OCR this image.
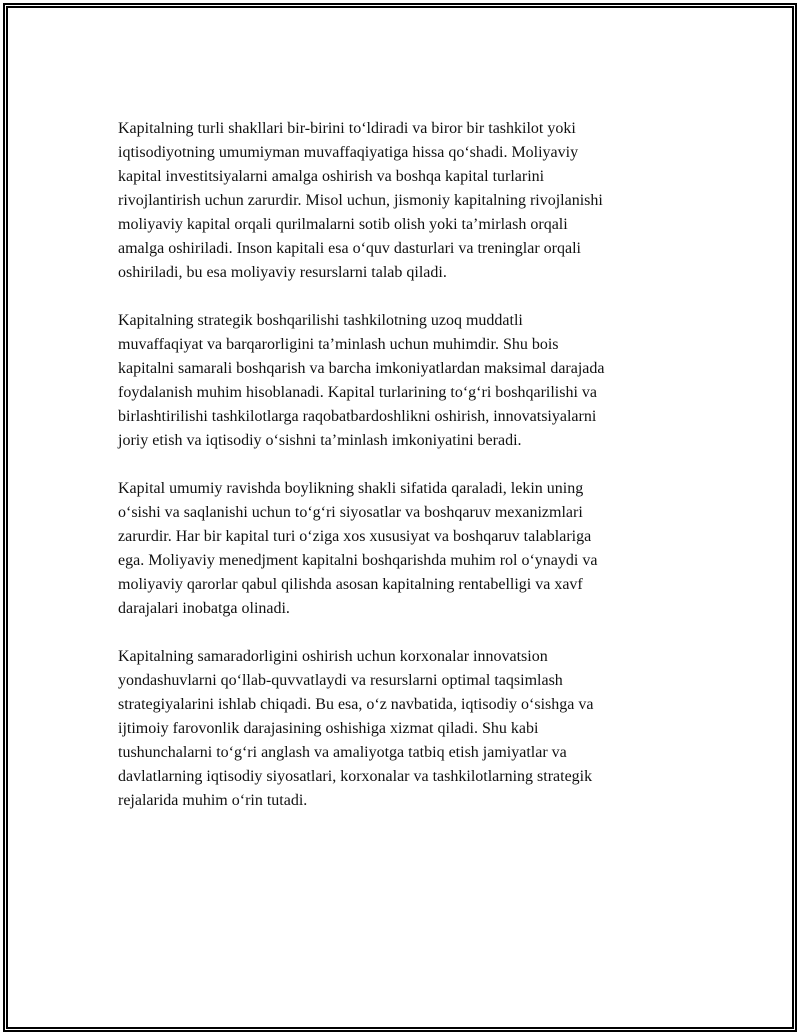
Kapitalning turli shakllari bir-birini to‘ldiradi va biror bir tashkilot yoki
iqtisodiyotning umumiyman muvaffaqiyatiga hissa qo‘shadi. Moliyaviy
kapital investitsiyalarni amalga oshirish va boshqa kapital turlarini
rivojlantirish uchun zarurdir. Misol uchun, jismoniy kapitalning rivojlanishi
moliyaviy kapital orqali qurilmalarni sotib olish yoki ta’mirlash orqali
amalga oshiriladi. Inson kapitali esa o‘quv dasturlari va treninglar orqali
oshiriladi, bu esa moliyaviy resurslarni talab qiladi.

Kapitalning strategik boshqarilishi tashkilotning uzoq muddatli
muvaffaqiyat va barqarorligini ta’minlash uchun muhimdir. Shu bois
kapitalni samarali boshqarish va barcha imkoniyatlardan maksimal darajada
foydalanish muhim hisoblanadi. Kapital turlarining to‘g‘ri boshqarilishi va
birlashtirilishi tashkilotlarga raqobatbardoshlikni oshirish, innovatsiyalarni
joriy etish va iqtisodiy o‘sishni ta’minlash imkoniyatini beradi.

Kapital umumiy ravishda boylikning shakli sifatida qaraladi, lekin uning
o‘sishi va saqlanishi uchun to‘g‘ri siyosatlar va boshqaruv mexanizmlari
zarurdir. Har bir kapital turi o‘ziga xos xususiyat va boshqaruv talablariga
ega. Moliyaviy menedjment kapitalni boshqarishda muhim rol o‘ynaydi va
moliyaviy qarorlar qabul qilishda asosan kapitalning rentabelligi va xavf
darajalari inobatga olinadi.

Kapitalning samaradorligini oshirish uchun korxonalar innovatsion
yondashuvlarni qo‘llab-quvvatlaydi va resurslarni optimal taqsimlash
strategiyalarini ishlab chiqadi. Bu esa, o‘z navbatida, iqtisodiy o‘sishga va
ijtimoiy farovonlik darajasining oshishiga xizmat qiladi. Shu kabi
tushunchalarni to‘g‘ri anglash va amaliyotga tatbiq etish jamiyatlar va
davlatlarning iqtisodiy siyosatlari, korxonalar va tashkilotlarning strategik
rejalarida muhim o‘rin tutadi.
